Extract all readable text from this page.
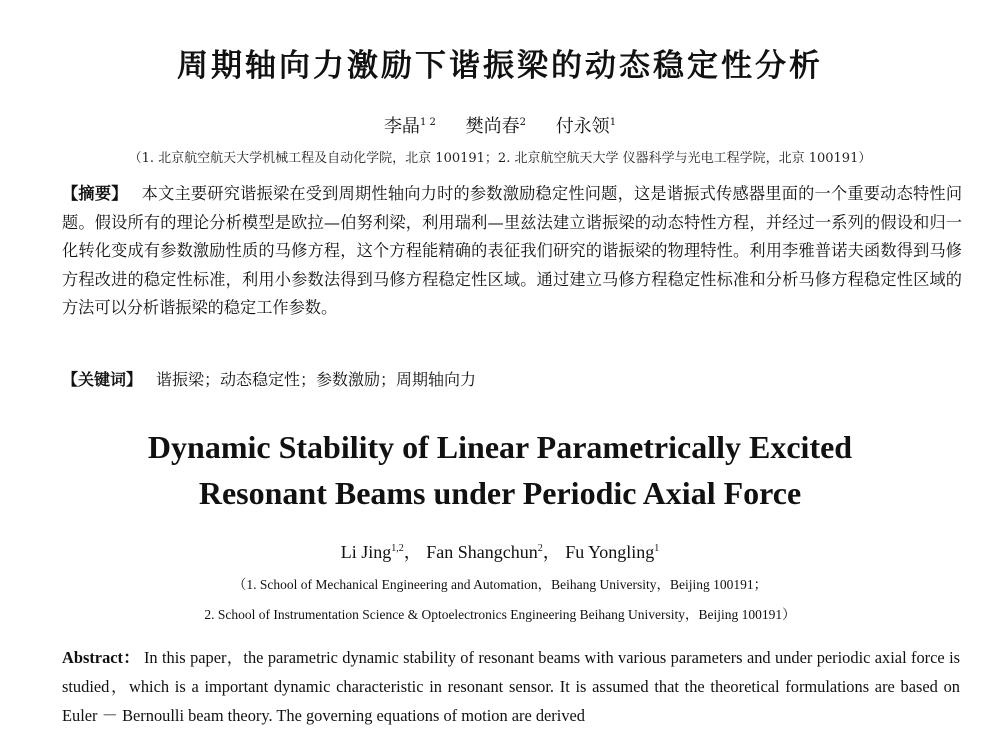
周期轴向力激励下谐振梁的动态稳定性分析
李晶$^{1 2}$ 樊尚春$^2$ 付永领$^1$
（1. 北京航空航天大学机械工程及自动化学院，北京 100191；2. 北京航空航天大学 仪器科学与光电工程学院，北京 100191）
【摘要】 本文主要研究谐振梁在受到周期性轴向力时的参数激励稳定性问题，这是谐振式传感器里面的一个重要动态特性问题。假设所有的理论分析模型是欧拉—伯努利梁，利用瑞利—里兹法建立谐振梁的动态特性方程，并经过一系列的假设和归一化转化变成有参数激励性质的马修方程，这个方程能精确的表征我们研究的谐振梁的物理特性。利用李雅普诺夫函数得到马修方程改进的稳定性标准，利用小参数法得到马修方程稳定性区域。通过建立马修方程稳定性标准和分析马修方程稳定性区域的方法可以分析谐振梁的稳定工作参数。
【关键词】 谐振梁；动态稳定性；参数激励；周期轴向力
Dynamic Stability of Linear Parametrically Excited
Resonant Beams under Periodic Axial Force
Li Jing$^{1,2}$， Fan Shangchun$^2$， Fu Yongling$^1$
（1. School of Mechanical Engineering and Automation，Beihang University，Beijing 100191；
2. School of Instrumentation Science & Optoelectronics Engineering Beihang University，Beijing 100191）
Abstract： In this paper，the parametric dynamic stability of resonant beams with various parameters and under periodic axial force is studied，which is a important dynamic characteristic in resonant sensor. It is assumed that the theoretical formulations are based on Euler － Bernoulli beam theory. The governing equations of motion are derived
